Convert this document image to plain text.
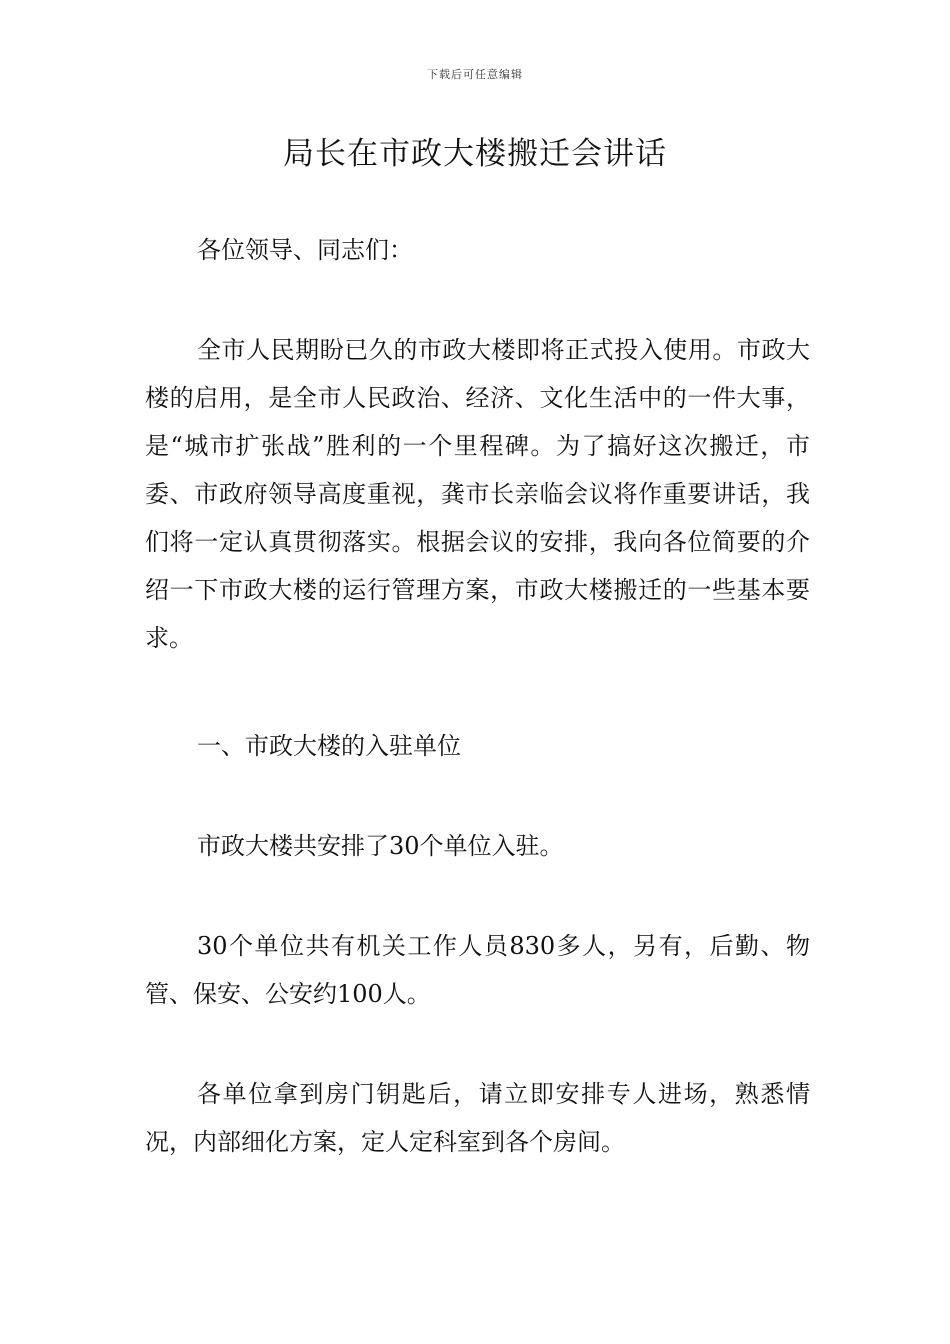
下载后可任意编辑
局长在市政大楼搬迁会讲话

各位领导、同志们：

全市人民期盼已久的市政大楼即将正式投入使用。市政大楼的启用，是全市人民政治、经济、文化生活中的一件大事，是“城市扩张战”胜利的一个里程碑。为了搞好这次搬迁，市委、市政府领导高度重视，龚市长亲临会议将作重要讲话，我们将一定认真贯彻落实。根据会议的安排，我向各位简要的介绍一下市政大楼的运行管理方案，市政大楼搬迁的一些基本要求。

一、市政大楼的入驻单位

市政大楼共安排了30个单位入驻。

30个单位共有机关工作人员830多人，另有，后勤、物管、保安、公安约100人。

各单位拿到房门钥匙后，请立即安排专人进场，熟悉情况，内部细化方案，定人定科室到各个房间。
